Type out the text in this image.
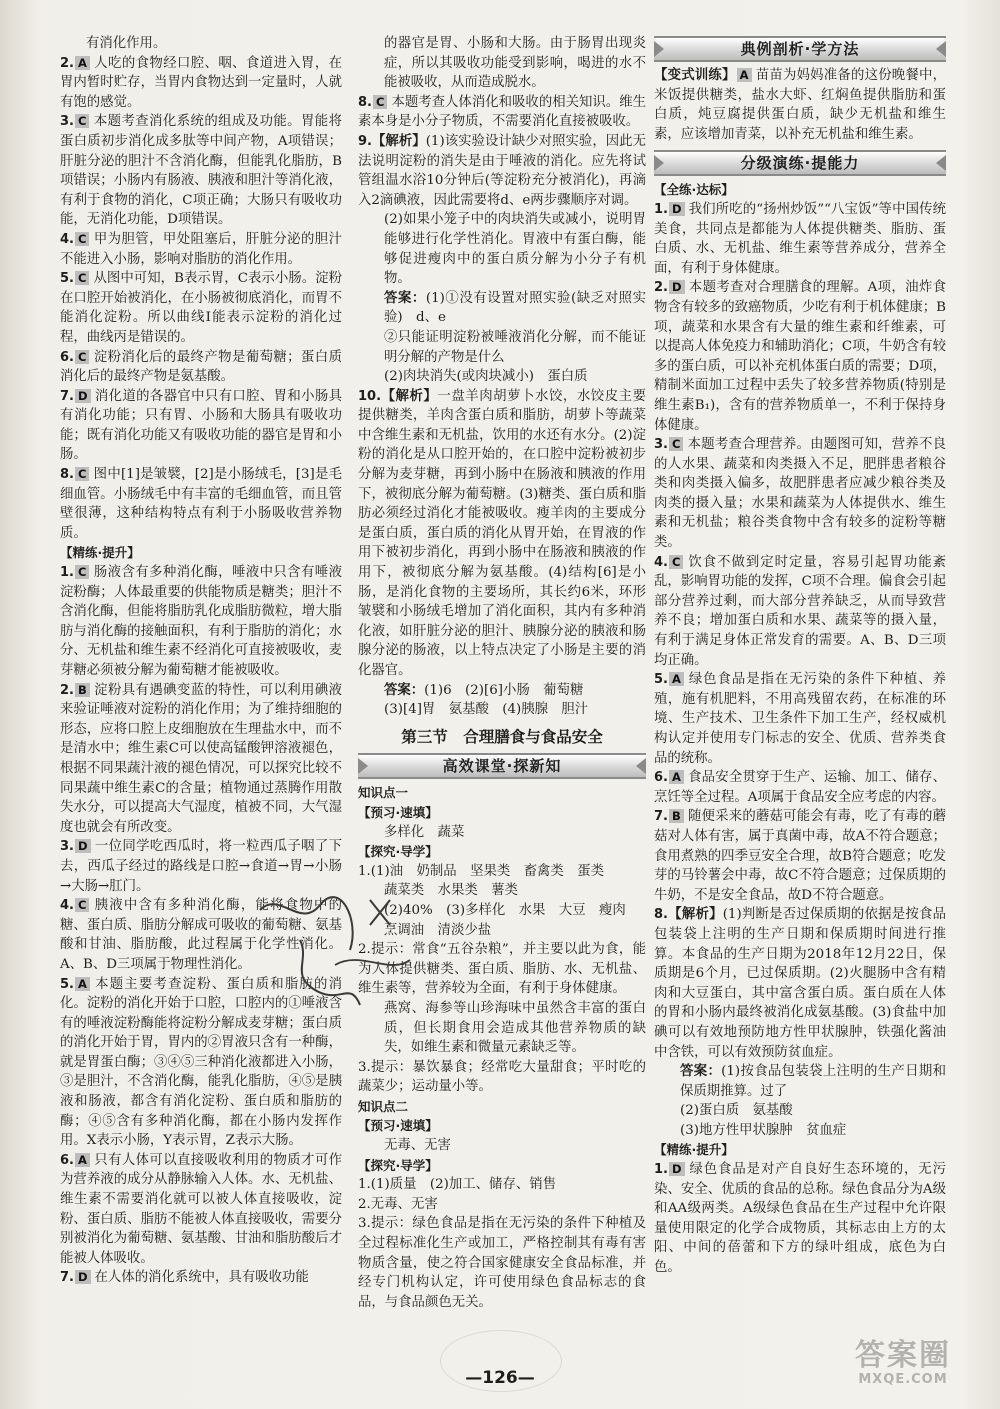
有消化作用。

2. A 人吃的食物经口腔、咽、食道进入胃，在胃内暂时贮存，当胃内食物达到一定量时，人就有饱的感觉。

3. C 本题考查消化系统的组成及功能。胃能将蛋白质初步消化成多肽等中间产物，A项错误；肝脏分泌的胆汁不含消化酶，但能乳化脂肪，B项错误；小肠内有肠液、胰液和胆汁等消化液，有利于食物的消化，C项正确；大肠只有吸收功能，无消化功能，D项错误。

4. C 甲为胆管，甲处阻塞后，肝脏分泌的胆汁不能进入小肠，影响对脂肪的消化作用。

5. C 从图中可知，B表示胃，C表示小肠。淀粉在口腔开始被消化，在小肠被彻底消化，而胃不能消化淀粉。所以曲线Ⅰ能表示淀粉的消化过程，曲线丙是错误的。

6. C 淀粉消化后的最终产物是葡萄糖；蛋白质消化后的最终产物是氨基酸。

7. D 消化道的各器官中只有口腔、胃和小肠具有消化功能；只有胃、小肠和大肠具有吸收功能；既有消化功能又有吸收功能的器官是胃和小肠。

8. C 图中[1]是皱襞，[2]是小肠绒毛，[3]是毛细血管。小肠绒毛中有丰富的毛细血管，而且管壁很薄，这种结构特点有利于小肠吸收营养物质。

【精练·提升】

1. C 肠液含有多种消化酶，唾液中只含有唾液淀粉酶；人体最重要的供能物质是糖类；胆汁不含消化酶，但能将脂肪乳化成脂肪微粒，增大脂肪与消化酶的接触面积，有利于脂肪的消化；水分、无机盐和维生素不经消化可直接被吸收，麦芽糖必须被分解为葡萄糖才能被吸收。

2. B 淀粉具有遇碘变蓝的特性，可以利用碘液来验证唾液对淀粉的消化作用；为了维持细胞的形态，应将口腔上皮细胞放在生理盐水中，而不是清水中；维生素C可以使高锰酸钾溶液褪色，根据不同果蔬汁液的褪色情况，可以探究比较不同果蔬中维生素C的含量；植物通过蒸腾作用散失水分，可以提高大气湿度，植被不同，大气湿度也就会有所改变。

3. D 一位同学吃西瓜时，将一粒西瓜子咽了下去，西瓜子经过的路线是口腔→食道→胃→小肠→大肠→肛门。

4. C 胰液中含有多种消化酶，能将食物中的糖、蛋白质、脂肪分解成可吸收的葡萄糖、氨基酸和甘油、脂肪酸，此过程属于化学性消化。A、B、D三项属于物理性消化。

5. A 本题主要考查淀粉、蛋白质和脂肪的消化。淀粉的消化开始于口腔，口腔内的①唾液含有的唾液淀粉酶能将淀粉分解成麦芽糖；蛋白质的消化开始于胃，胃内的②胃液只含有一种酶，就是胃蛋白酶；③④⑤三种消化液都进入小肠，③是胆汁，不含消化酶，能乳化脂肪，④⑤是胰液和肠液，都含有消化淀粉、蛋白质和脂肪的酶；④⑤含有多种消化酶，都在小肠内发挥作用。X表示小肠，Y表示胃，Z表示大肠。

6. A 只有人体可以直接吸收利用的物质才可作为营养液的成分从静脉输入人体。水、无机盐、维生素不需要消化就可以被人体直接吸收，淀粉、蛋白质、脂肪不能被人体直接吸收，需要分别被消化为葡萄糖、氨基酸、甘油和脂肪酸后才能被人体吸收。

7. D 在人体的消化系统中，具有吸收功能

的器官是胃、小肠和大肠。由于肠胃出现炎症，所以其吸收功能受到影响，喝进的水不能被吸收，从而造成脱水。

8. C 本题考查人体消化和吸收的相关知识。维生素本身是小分子物质，不需要消化直接被吸收。

9.【解析】(1)该实验设计缺少对照实验，因此无法说明淀粉的消失是由于唾液的消化。应先将试管组温水浴10分钟后(等淀粉充分被消化)，再滴入2滴碘液，因此需要将d、e两步骤顺序对调。

(2)如果小笼子中的肉块消失或减小，说明胃能够进行化学性消化。胃液中有蛋白酶，能够促进瘦肉中的蛋白质分解为小分子有机物。

答案：(1)①没有设置对照实验(缺乏对照实验)　d、e

②只能证明淀粉被唾液消化分解，而不能证明分解的产物是什么

(2)肉块消失(或肉块减小)　蛋白质

10.【解析】一盘羊肉胡萝卜水饺，水饺皮主要提供糖类，羊肉含蛋白质和脂肪，胡萝卜等蔬菜中含维生素和无机盐，饮用的水还有水分。(2)淀粉的消化是从口腔开始的，在口腔中淀粉被初步分解为麦芽糖，再到小肠中在肠液和胰液的作用下，被彻底分解为葡萄糖。(3)糖类、蛋白质和脂肪必须经过消化才能被吸收。瘦羊肉的主要成分是蛋白质，蛋白质的消化从胃开始，在胃液的作用下被初步消化，再到小肠中在肠液和胰液的作用下，被彻底分解为氨基酸。(4)结构[6]是小肠，是消化食物的主要场所，其长约6米，环形皱襞和小肠绒毛增加了消化面积，其内有多种消化液，如肝脏分泌的胆汁、胰腺分泌的胰液和肠腺分泌的肠液，以上特点决定了小肠是主要的消化器官。

答案：(1)6　(2)[6]小肠　葡萄糖

(3)[4]胃　氨基酸　(4)胰腺　胆汁

第三节　合理膳食与食品安全
高效课堂·探新知

知识点一

【预习·速填】

多样化　蔬菜

【探究·导学】

1.(1)油　奶制品　坚果类　畜禽类　蛋类

蔬菜类　水果类　薯类

(2)40%　(3)多样化　水果　大豆　瘦肉

烹调油　清淡少盐

2.提示：常食“五谷杂粮”，并主要以此为食，能为人体提供糖类、蛋白质、脂肪、水、无机盐、维生素等，营养较为全面，有利于身体健康。

燕窝、海参等山珍海味中虽然含丰富的蛋白质，但长期食用会造成其他营养物质的缺失，如维生素和微量元素缺乏等。

3.提示：暴饮暴食；经常吃大量甜食；平时吃的蔬菜少；运动量小等。

知识点二

【预习·速填】

无毒、无害

【探究·导学】

1.(1)质量　(2)加工、储存、销售

2.无毒、无害

3.提示：绿色食品是指在无污染的条件下种植及全过程标准化生产或加工，严格控制其有毒有害物质含量，使之符合国家健康安全食品标准，并经专门机构认定，许可使用绿色食品标志的食品，与食品颜色无关。

典例剖析·学方法

【变式训练】 A 苗苗为妈妈准备的这份晚餐中，米饭提供糖类，盐水大虾、红焖鱼提供脂肪和蛋白质，炖豆腐提供蛋白质，缺少无机盐和维生素，应该增加青菜，以补充无机盐和维生素。

分级演练·提能力

【全练·达标】

1. D 我们所吃的“扬州炒饭”“八宝饭”等中国传统美食，共同点是都能为人体提供糖类、脂肪、蛋白质、水、无机盐、维生素等营养成分，营养全面，有利于身体健康。

2. D 本题考查对合理膳食的理解。A项，油炸食物含有较多的致癌物质，少吃有利于机体健康；B项，蔬菜和水果含有大量的维生素和纤维素，可以提高人体免疫力和辅助消化；C项，牛奶含有较多的蛋白质，可以补充机体蛋白质的需要；D项，精制米面加工过程中丢失了较多营养物质(特别是维生素B₁)，含有的营养物质单一，不利于保持身体健康。

3. C 本题考查合理营养。由题图可知，营养不良的人水果、蔬菜和肉类摄入不足，肥胖患者粮谷类和肉类摄入偏多，故肥胖患者应减少粮谷类及肉类的摄入量；水果和蔬菜为人体提供水、维生素和无机盐；粮谷类食物中含有较多的淀粉等糖类。

4. C 饮食不做到定时定量，容易引起胃功能紊乱，影响胃功能的发挥，C项不合理。偏食会引起部分营养过剩，而大部分营养缺乏，从而导致营养不良；增加蛋白质和水果、蔬菜等的摄入量，有利于满足身体正常发育的需要。A、B、D三项均正确。

5. A 绿色食品是指在无污染的条件下种植、养殖，施有机肥料，不用高残留农药，在标准的环境、生产技术、卫生条件下加工生产，经权威机构认定并使用专门标志的安全、优质、营养类食品的统称。

6. A 食品安全贯穿于生产、运输、加工、储存、烹饪等全过程。A项属于食品安全应考虑的内容。

7. B 随便采来的蘑菇可能会有毒，吃了有毒的蘑菇对人体有害，属于真菌中毒，故A不符合题意；食用煮熟的四季豆安全合理，故B符合题意；吃发芽的马铃薯会中毒，故C不符合题意；过保质期的牛奶，不是安全食品，故D不符合题意。

8.【解析】(1)判断是否过保质期的依据是按食品包装袋上注明的生产日期和保质期时间进行推算。本食品的生产日期为2018年12月22日，保质期是6个月，已过保质期。(2)火腿肠中含有精肉和大豆蛋白，其中富含蛋白质。蛋白质在人体的胃和小肠内最终被消化成氨基酸。(3)食盐中加碘可以有效地预防地方性甲状腺肿，铁强化酱油中含铁，可以有效预防贫血症。

答案：(1)按食品包装袋上注明的生产日期和保质期推算。过了

(2)蛋白质　氨基酸

(3)地方性甲状腺肿　贫血症

【精练·提升】

1. D 绿色食品是对产自良好生态环境的，无污染、安全、优质的食品的总称。绿色食品分为A级和AA级两类。A级绿色食品在生产过程中允许限量使用限定的化学合成物质，其标志由上方的太阳、中间的蓓蕾和下方的绿叶组成，底色为白色。

—126—
答案圈
MXQE.COM
